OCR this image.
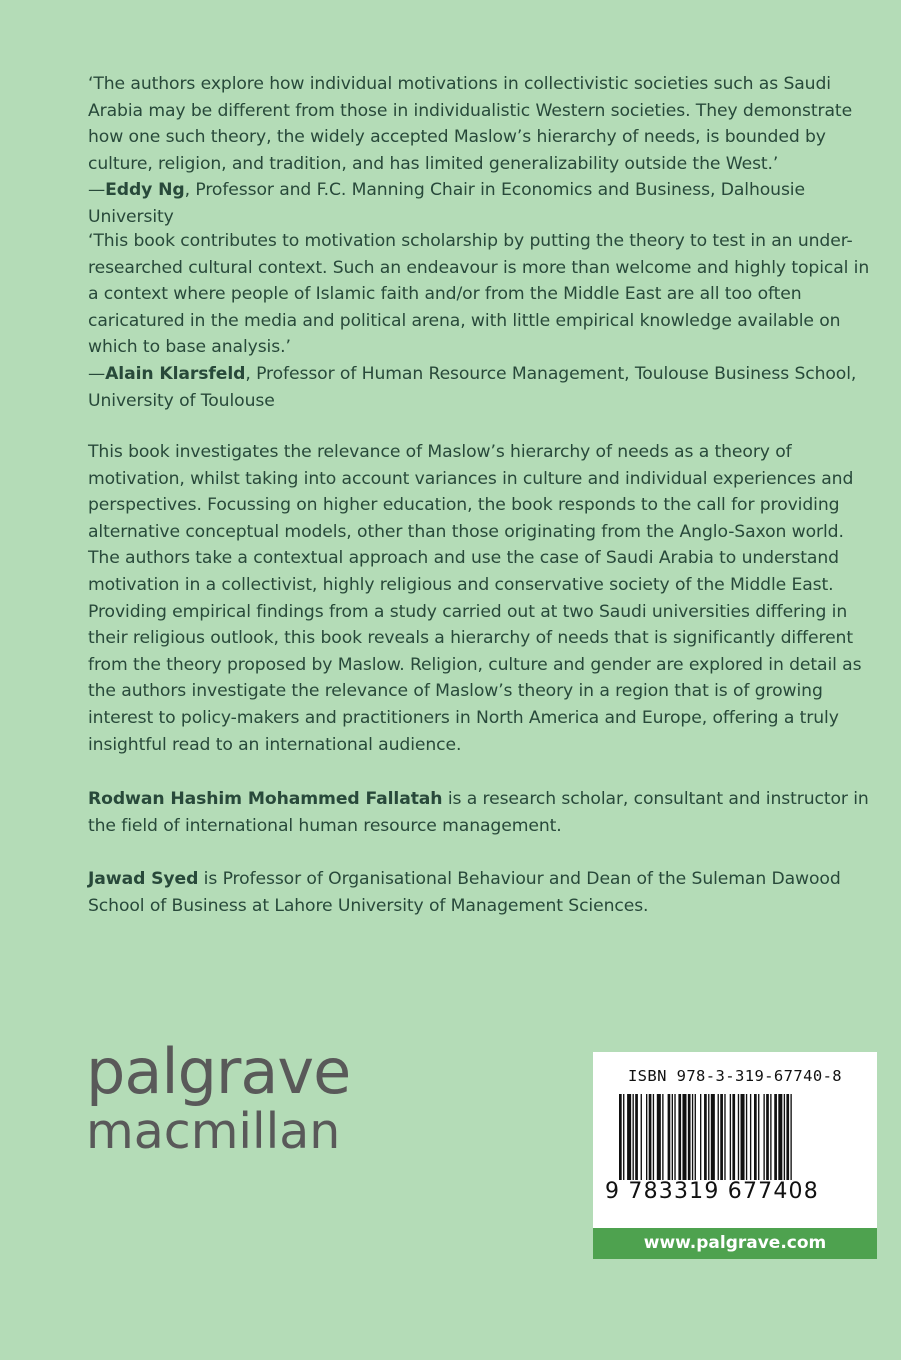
‘The authors explore how individual motivations in collectivistic societies such as Saudi Arabia may be different from those in individualistic Western societies. They demonstrate how one such theory, the widely accepted Maslow’s hierarchy of needs, is bounded by culture, religion, and tradition, and has limited generalizability outside the West.’
—Eddy Ng, Professor and F.C. Manning Chair in Economics and Business, Dalhousie University

‘This book contributes to motivation scholarship by putting the theory to test in an under-researched cultural context. Such an endeavour is more than welcome and highly topical in a context where people of Islamic faith and/or from the Middle East are all too often caricatured in the media and political arena, with little empirical knowledge available on which to base analysis.’
—Alain Klarsfeld, Professor of Human Resource Management, Toulouse Business School, University of Toulouse

This book investigates the relevance of Maslow’s hierarchy of needs as a theory of motivation, whilst taking into account variances in culture and individual experiences and perspectives. Focussing on higher education, the book responds to the call for providing alternative conceptual models, other than those originating from the Anglo-Saxon world. The authors take a contextual approach and use the case of Saudi Arabia to understand motivation in a collectivist, highly religious and conservative society of the Middle East. Providing empirical findings from a study carried out at two Saudi universities differing in their religious outlook, this book reveals a hierarchy of needs that is significantly different from the theory proposed by Maslow. Religion, culture and gender are explored in detail as the authors investigate the relevance of Maslow’s theory in a region that is of growing interest to policy-makers and practitioners in North America and Europe, offering a truly insightful read to an international audience.

Rodwan Hashim Mohammed Fallatah is a research scholar, consultant and instructor in the field of international human resource management.

Jawad Syed is Professor of Organisational Behaviour and Dean of the Suleman Dawood School of Business at Lahore University of Management Sciences.

palgrave
macmillan
ISBN 978-3-319-67740-8
9 783319 677408
www.palgrave.com
